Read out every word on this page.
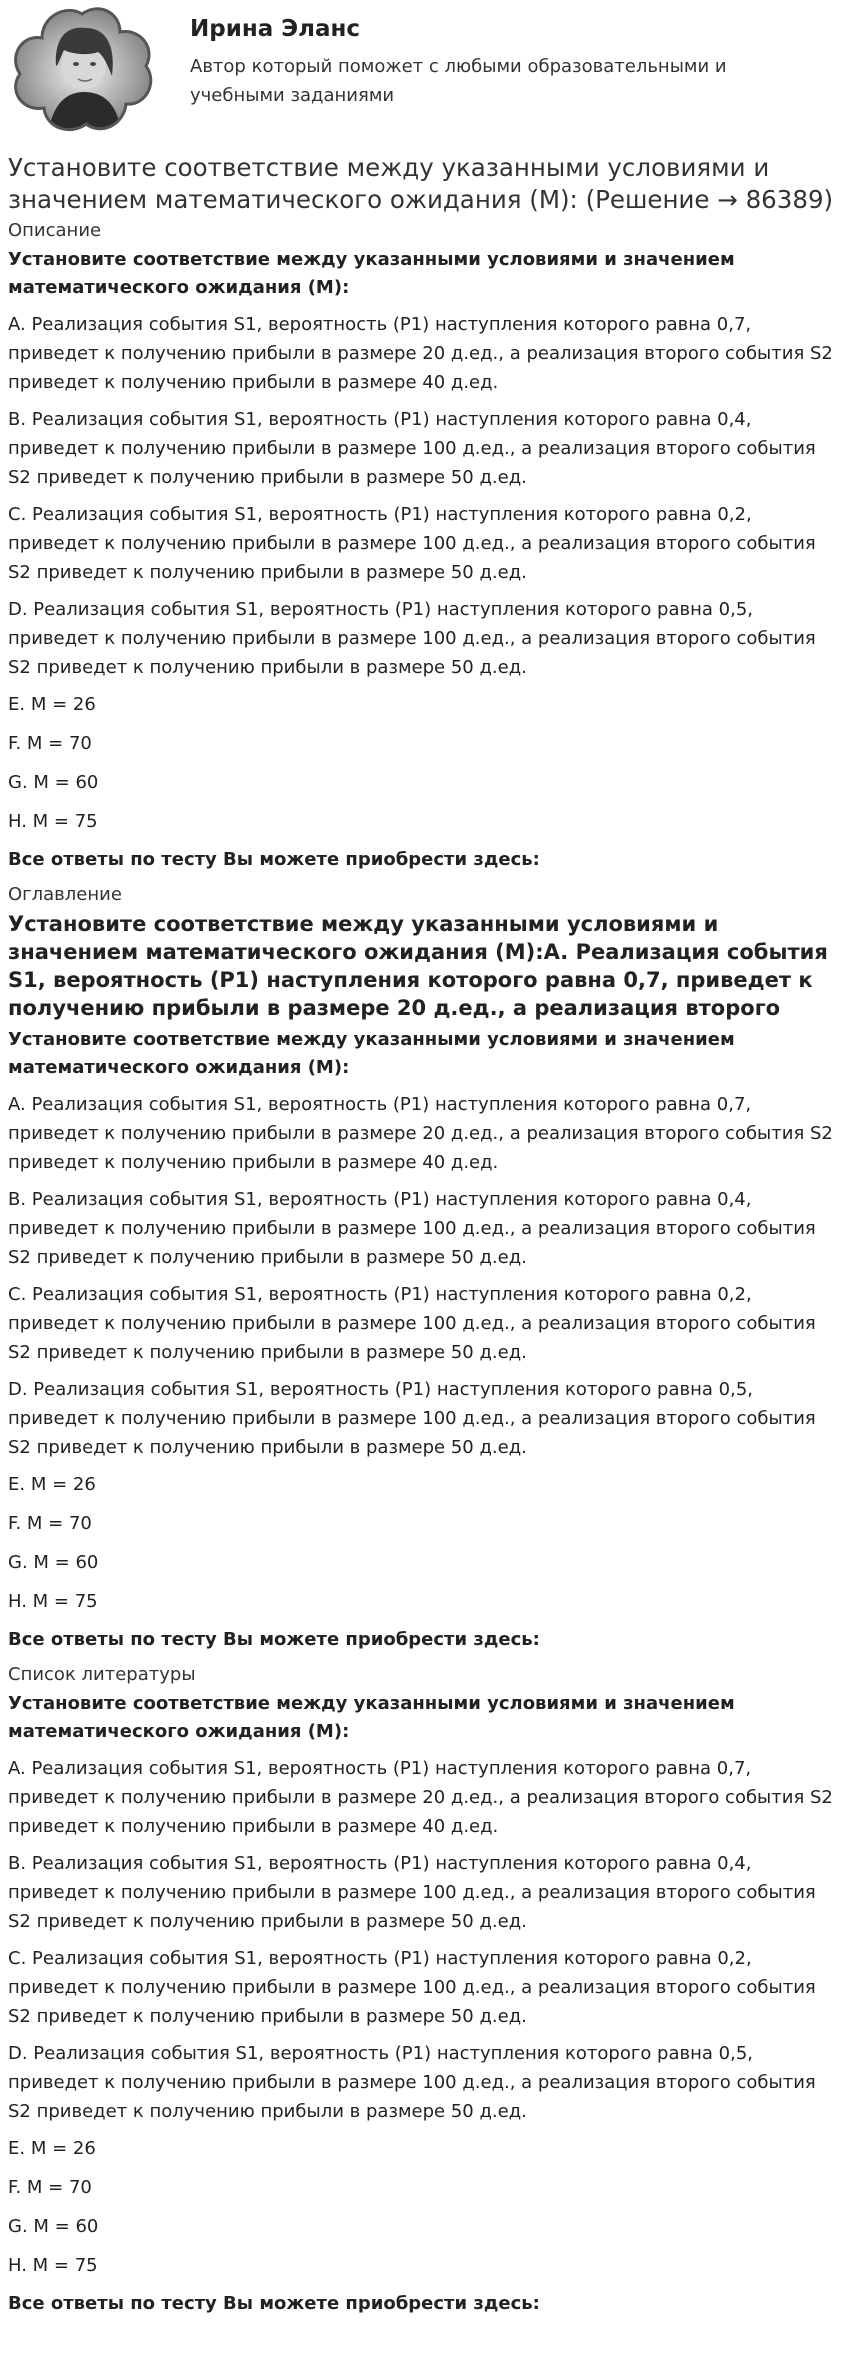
Ирина Эланс
Автор который поможет с любыми образовательными и учебными заданиями
Установите соответствие между указанными условиями и значением математического ожидания (М): (Решение → 86389)
Описание
Установите соответствие между указанными условиями и значением математического ожидания (М):

A. Реализация события S1, вероятность (P1) наступления которого равна 0,7, приведет к получению прибыли в размере 20 д.ед., а реализация второго события S2 приведет к получению прибыли в размере 40 д.ед.

B. Реализация события S1, вероятность (P1) наступления которого равна 0,4, приведет к получению прибыли в размере 100 д.ед., а реализация второго события S2 приведет к получению прибыли в размере 50 д.ед.

C. Реализация события S1, вероятность (P1) наступления которого равна 0,2, приведет к получению прибыли в размере 100 д.ед., а реализация второго события S2 приведет к получению прибыли в размере 50 д.ед.

D. Реализация события S1, вероятность (P1) наступления которого равна 0,5, приведет к получению прибыли в размере 100 д.ед., а реализация второго события S2 приведет к получению прибыли в размере 50 д.ед.

E. М = 26

F. М = 70

G. М = 60

H. М = 75

Все ответы по тесту Вы можете приобрести здесь:

Оглавление
Установите соответствие между указанными условиями и значением математического ожидания (М):A. Реализация события S1, вероятность (P1) наступления которого равна 0,7, приведет к получению прибыли в размере 20 д.ед., а реализация второго
Установите соответствие между указанными условиями и значением математического ожидания (М):

A. Реализация события S1, вероятность (P1) наступления которого равна 0,7, приведет к получению прибыли в размере 20 д.ед., а реализация второго события S2 приведет к получению прибыли в размере 40 д.ед.

B. Реализация события S1, вероятность (P1) наступления которого равна 0,4, приведет к получению прибыли в размере 100 д.ед., а реализация второго события S2 приведет к получению прибыли в размере 50 д.ед.

C. Реализация события S1, вероятность (P1) наступления которого равна 0,2, приведет к получению прибыли в размере 100 д.ед., а реализация второго события S2 приведет к получению прибыли в размере 50 д.ед.

D. Реализация события S1, вероятность (P1) наступления которого равна 0,5, приведет к получению прибыли в размере 100 д.ед., а реализация второго события S2 приведет к получению прибыли в размере 50 д.ед.

E. М = 26

F. М = 70

G. М = 60

H. М = 75

Все ответы по тесту Вы можете приобрести здесь:

Список литературы
Установите соответствие между указанными условиями и значением математического ожидания (М):

A. Реализация события S1, вероятность (P1) наступления которого равна 0,7, приведет к получению прибыли в размере 20 д.ед., а реализация второго события S2 приведет к получению прибыли в размере 40 д.ед.

B. Реализация события S1, вероятность (P1) наступления которого равна 0,4, приведет к получению прибыли в размере 100 д.ед., а реализация второго события S2 приведет к получению прибыли в размере 50 д.ед.

C. Реализация события S1, вероятность (P1) наступления которого равна 0,2, приведет к получению прибыли в размере 100 д.ед., а реализация второго события S2 приведет к получению прибыли в размере 50 д.ед.

D. Реализация события S1, вероятность (P1) наступления которого равна 0,5, приведет к получению прибыли в размере 100 д.ед., а реализация второго события S2 приведет к получению прибыли в размере 50 д.ед.

E. М = 26

F. М = 70

G. М = 60

H. М = 75

Все ответы по тесту Вы можете приобрести здесь:
